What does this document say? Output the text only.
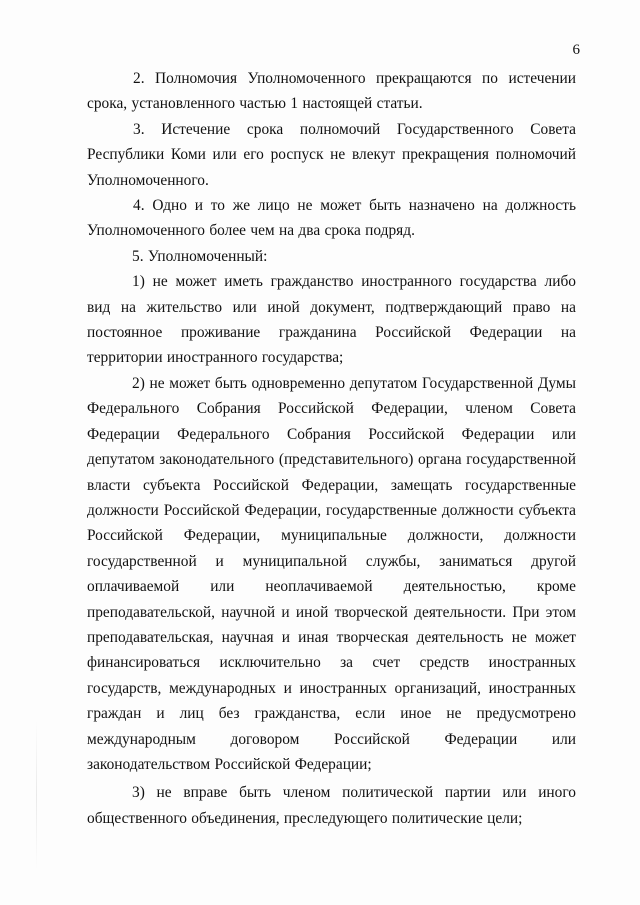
6

2. Полномочия Уполномоченного прекращаются по истечении срока, установленного частью 1 настоящей статьи.

3. Истечение срока полномочий Государственного Совета Республики Коми или его роспуск не влекут прекращения полномочий Уполномоченного.

4. Одно и то же лицо не может быть назначено на должность Уполномоченного более чем на два срока подряд.

5. Уполномоченный:

1) не может иметь гражданство иностранного государства либо вид на жительство или иной документ, подтверждающий право на постоянное проживание гражданина Российской Федерации на территории иностранного государства;

2) не может быть одновременно депутатом Государственной Думы Федерального Собрания Российской Федерации, членом Совета Федерации Федерального Собрания Российской Федерации или депутатом законодательного (представительного) органа государственной власти субъекта Российской Федерации, замещать государственные должности Российской Федерации, государственные должности субъекта Российской Федерации, муниципальные должности, должности государственной и муниципальной службы, заниматься другой оплачиваемой или неоплачиваемой деятельностью, кроме преподавательской, научной и иной творческой деятельности. При этом преподавательская, научная и иная творческая деятельность не может финансироваться исключительно за счет средств иностранных государств, международных и иностранных организаций, иностранных граждан и лиц без гражданства, если иное не предусмотрено международным договором Российской Федерации или законодательством Российской Федерации;

3) не вправе быть членом политической партии или иного общественного объединения, преследующего политические цели;
